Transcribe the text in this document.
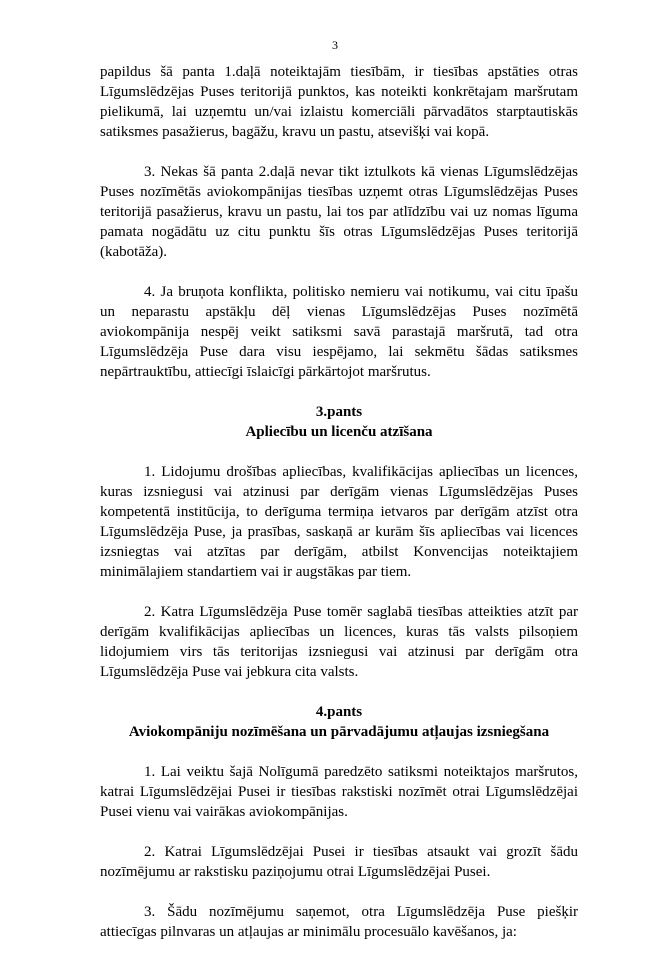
3

papildus šā panta 1.daļā noteiktajām tiesībām, ir tiesības apstāties otras Līgumslēdzējas Puses teritorijā punktos, kas noteikti konkrētajam maršrutam pielikumā, lai uzņemtu un/vai izlaistu komerciāli pārvadātos starptautiskās satiksmes pasažierus, bagāžu, kravu un pastu, atsevišķi vai kopā.

3. Nekas šā panta 2.daļā nevar tikt iztulkots kā vienas Līgumslēdzējas Puses nozīmētās aviokompānijas tiesības uzņemt otras Līgumslēdzējas Puses teritorijā pasažierus, kravu un pastu, lai tos par atlīdzību vai uz nomas līguma pamata nogādātu uz citu punktu šīs otras Līgumslēdzējas Puses teritorijā (kabotāža).

4. Ja bruņota konflikta, politisko nemieru vai notikumu, vai citu īpašu un neparastu apstākļu dēļ vienas Līgumslēdzējas Puses nozīmētā aviokompānija nespēj veikt satiksmi savā parastajā maršrutā, tad otra Līgumslēdzēja Puse dara visu iespējamo, lai sekmētu šādas satiksmes nepārtrauktību, attiecīgi īslaicīgi pārkārtojot maršrutus.

3.pants

Apliecību un licenču atzīšana

1. Lidojumu drošības apliecības, kvalifikācijas apliecības un licences, kuras izsniegusi vai atzinusi par derīgām vienas Līgumslēdzējas Puses kompetentā institūcija, to derīguma termiņa ietvaros par derīgām atzīst otra Līgumslēdzēja Puse, ja prasības, saskaņā ar kurām šīs apliecības vai licences izsniegtas vai atzītas par derīgām, atbilst Konvencijas noteiktajiem minimālajiem standartiem vai ir augstākas par tiem.

2. Katra Līgumslēdzēja Puse tomēr saglabā tiesības atteikties atzīt par derīgām kvalifikācijas apliecības un licences, kuras tās valsts pilsoņiem lidojumiem virs tās teritorijas izsniegusi vai atzinusi par derīgām otra Līgumslēdzēja Puse vai jebkura cita valsts.

4.pants

Aviokompāniju nozīmēšana un pārvadājumu atļaujas izsniegšana

1. Lai veiktu šajā Nolīgumā paredzēto satiksmi noteiktajos maršrutos, katrai Līgumslēdzējai Pusei ir tiesības rakstiski nozīmēt otrai Līgumslēdzējai Pusei vienu vai vairākas aviokompānijas.

2. Katrai Līgumslēdzējai Pusei ir tiesības atsaukt vai grozīt šādu nozīmējumu ar rakstisku paziņojumu otrai Līgumslēdzējai Pusei.

3. Šādu nozīmējumu saņemot, otra Līgumslēdzēja Puse piešķir attiecīgas pilnvaras un atļaujas ar minimālu procesuālo kavēšanos, ja:
